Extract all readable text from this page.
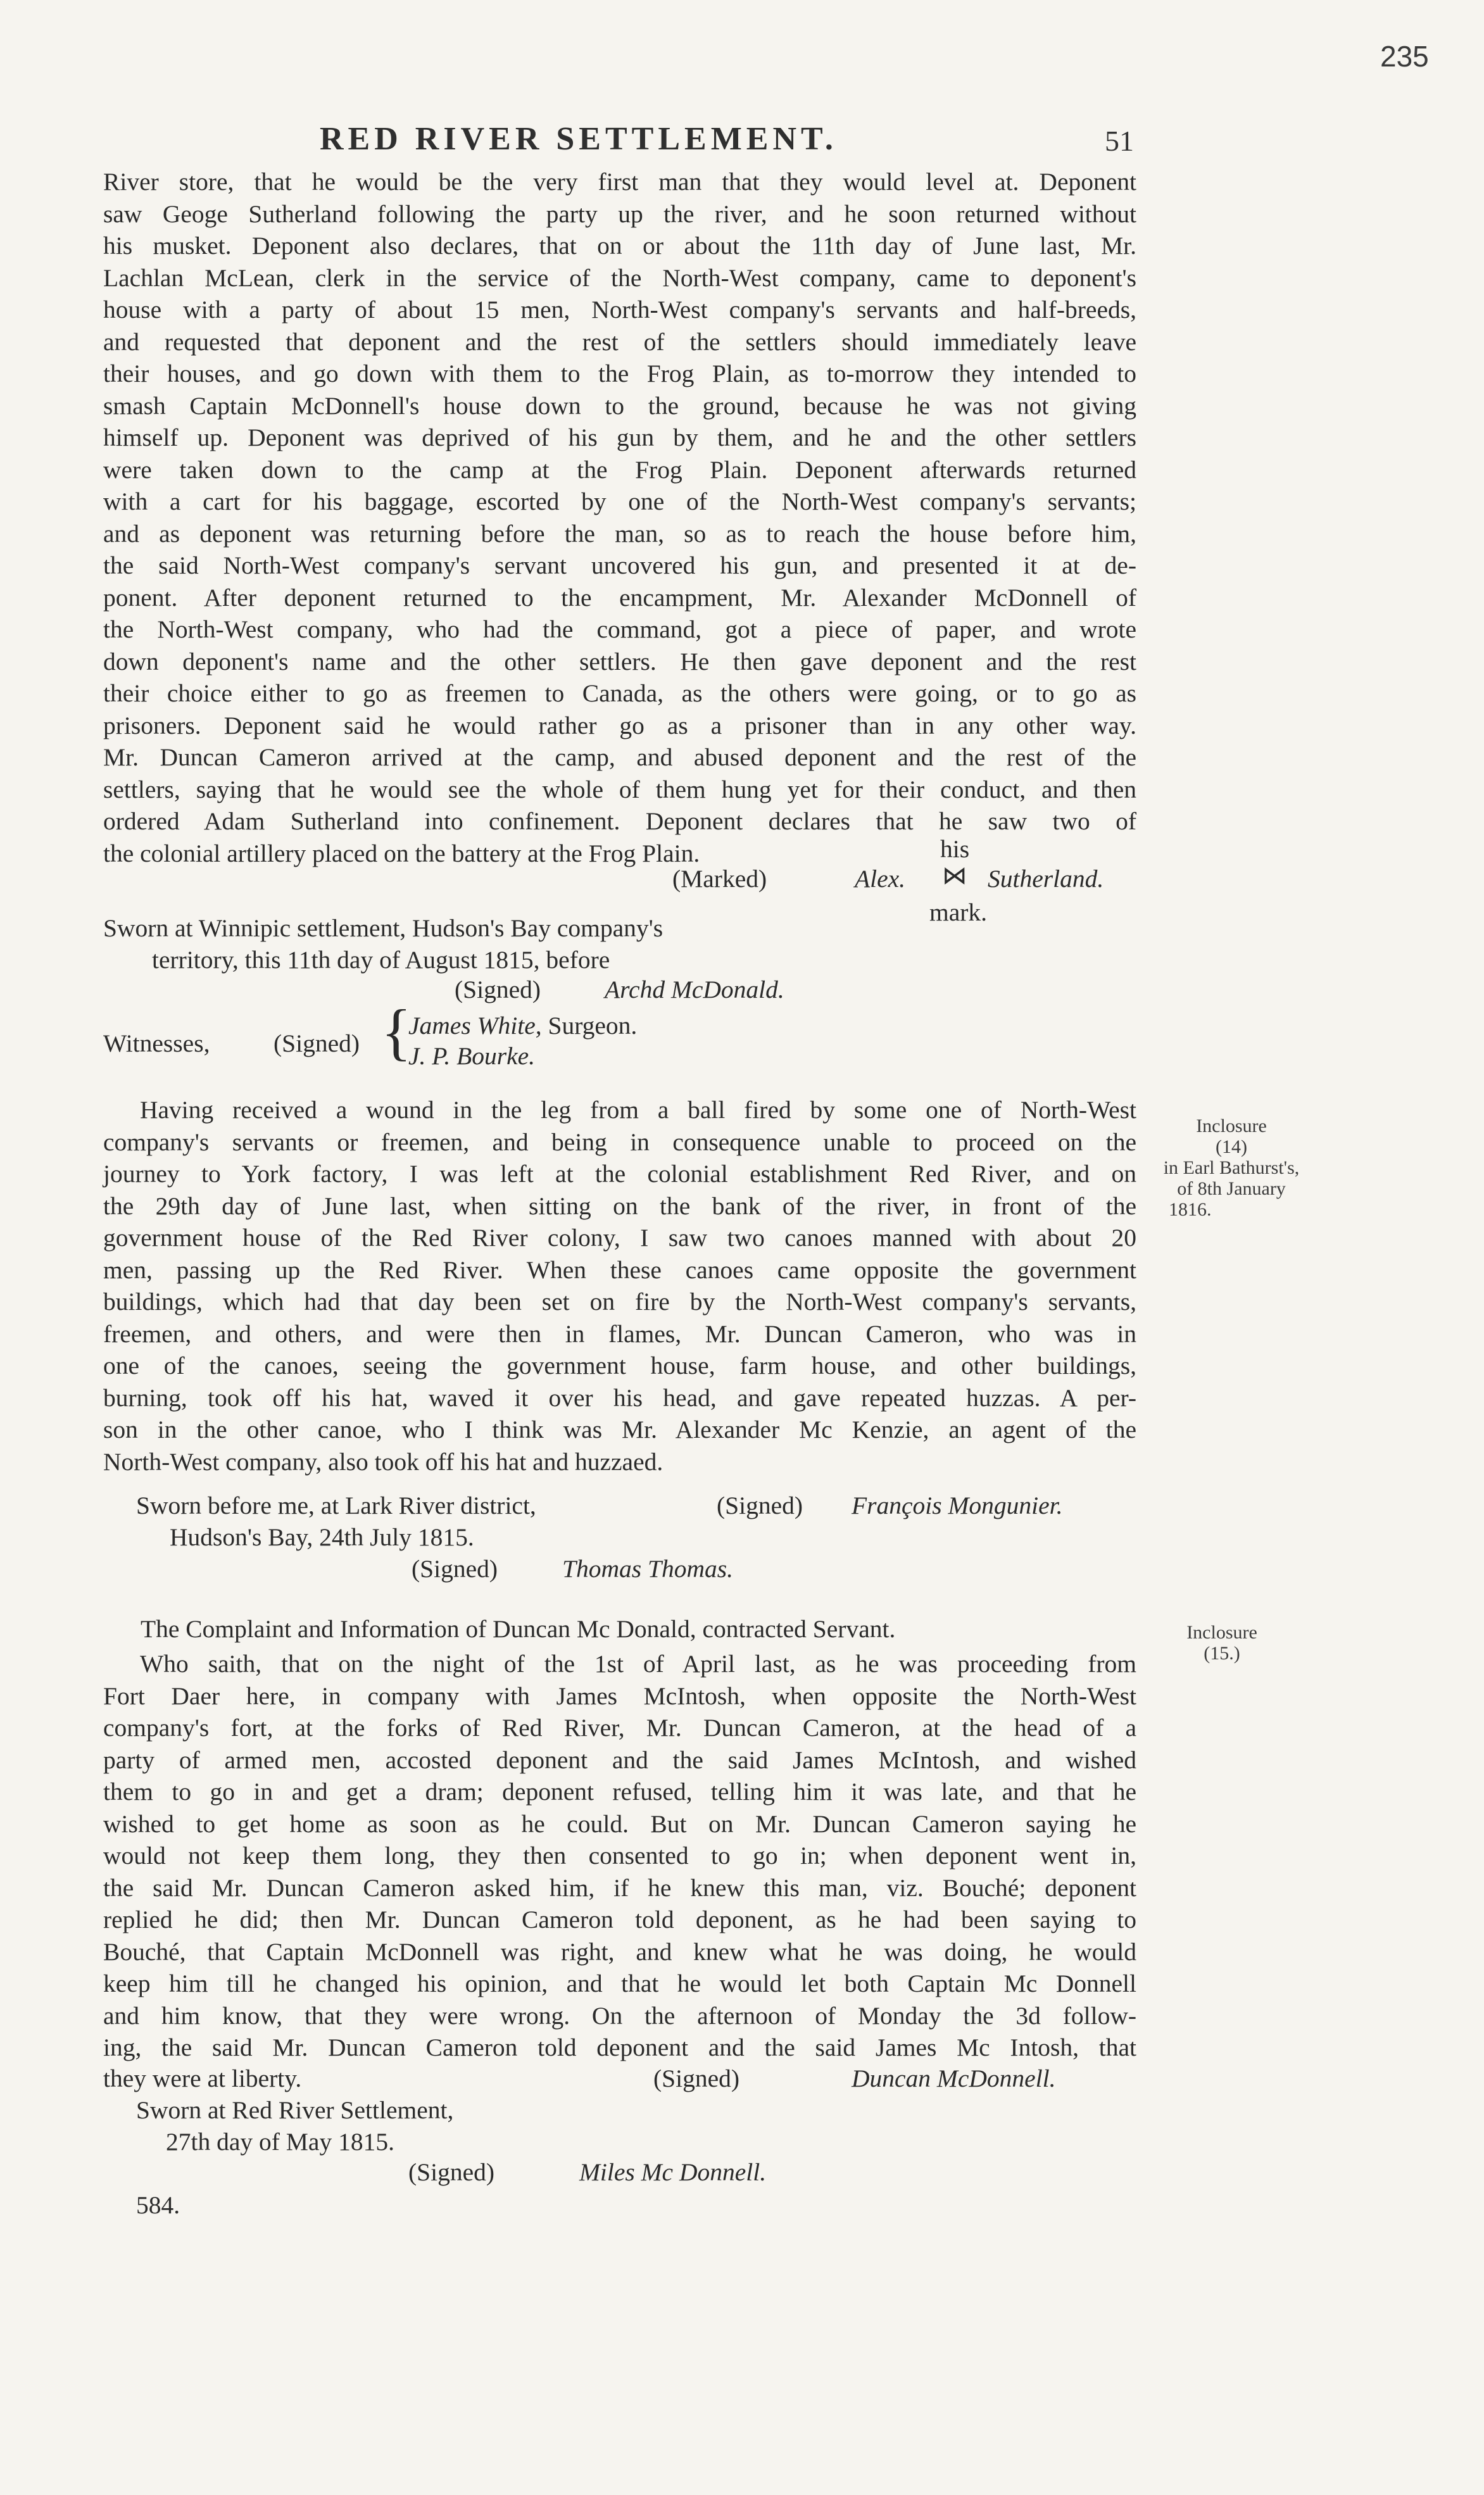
235
RED RIVER SETTLEMENT.	51
River store, that he would be the very first man that they would level at. Deponent
saw Geoge Sutherland following the party up the river, and he soon returned without
his musket. Deponent also declares, that on or about the 11th day of June last, Mr.
Lachlan McLean, clerk in the service of the North-West company, came to deponent's
house with a party of about 15 men, North-West company's servants and half-breeds,
and requested that deponent and the rest of the settlers should immediately leave
their houses, and go down with them to the Frog Plain, as to-morrow they intended to
smash Captain McDonnell's house down to the ground, because he was not giving
himself up. Deponent was deprived of his gun by them, and he and the other settlers
were taken down to the camp at the Frog Plain. Deponent afterwards returned
with a cart for his baggage, escorted by one of the North-West company's servants;
and as deponent was returning before the man, so as to reach the house before him,
the said North-West company's servant uncovered his gun, and presented it at de-
ponent. After deponent returned to the encampment, Mr. Alexander McDonnell of
the North-West company, who had the command, got a piece of paper, and wrote
down deponent's name and the other settlers. He then gave deponent and the rest
their choice either to go as freemen to Canada, as the others were going, or to go as
prisoners. Deponent said he would rather go as a prisoner than in any other way.
Mr. Duncan Cameron arrived at the camp, and abused deponent and the rest of the
settlers, saying that he would see the whole of them hung yet for their conduct, and then
ordered Adam Sutherland into confinement. Deponent declares that he saw two of
the colonial artillery placed on the battery at the Frog Plain.	his
(Marked)	Alex. ⋈ Sutherland.
mark.
Sworn at Winnipic settlement, Hudson's Bay company's
territory, this 11th day of August 1815, before
(Signed)	Archd McDonald.
Witnesses,	(Signed) {
James White, Surgeon.
J. P. Bourke.
Inclosure
(14)
in Earl Bathurst's,
of 8th January
1816.
Having received a wound in the leg from a ball fired by some one of North-West
company's servants or freemen, and being in consequence unable to proceed on the
journey to York factory, I was left at the colonial establishment Red River, and on
the 29th day of June last, when sitting on the bank of the river, in front of the
government house of the Red River colony, I saw two canoes manned with about 20
men, passing up the Red River. When these canoes came opposite the government
buildings, which had that day been set on fire by the North-West company's servants,
freemen, and others, and were then in flames, Mr. Duncan Cameron, who was in
one of the canoes, seeing the government house, farm house, and other buildings,
burning, took off his hat, waved it over his head, and gave repeated huzzas. A per-
son in the other canoe, who I think was Mr. Alexander Mc Kenzie, an agent of the
North-West company, also took off his hat and huzzaed.
Sworn before me, at Lark River district,	(Signed) François Mongunier.
Hudson's Bay, 24th July 1815.
(Signed)	Thomas Thomas.
Inclosure
(15.)
The Complaint and Information of Duncan Mc Donald, contracted Servant.
Who saith, that on the night of the 1st of April last, as he was proceeding from
Fort Daer here, in company with James McIntosh, when opposite the North-West
company's fort, at the forks of Red River, Mr. Duncan Cameron, at the head of a
party of armed men, accosted deponent and the said James McIntosh, and wished
them to go in and get a dram; deponent refused, telling him it was late, and that he
wished to get home as soon as he could. But on Mr. Duncan Cameron saying he
would not keep them long, they then consented to go in; when deponent went in,
the said Mr. Duncan Cameron asked him, if he knew this man, viz. Bouché; deponent
replied he did; then Mr. Duncan Cameron told deponent, as he had been saying to
Bouché, that Captain McDonnell was right, and knew what he was doing, he would
keep him till he changed his opinion, and that he would let both Captain Mc Donnell
and him know, that they were wrong. On the afternoon of Monday the 3d follow-
ing, the said Mr. Duncan Cameron told deponent and the said James Mc Intosh, that
they were at liberty.	(Signed)	Duncan McDonnell.
Sworn at Red River Settlement,
27th day of May 1815.
(Signed)	Miles Mc Donnell.
584.
